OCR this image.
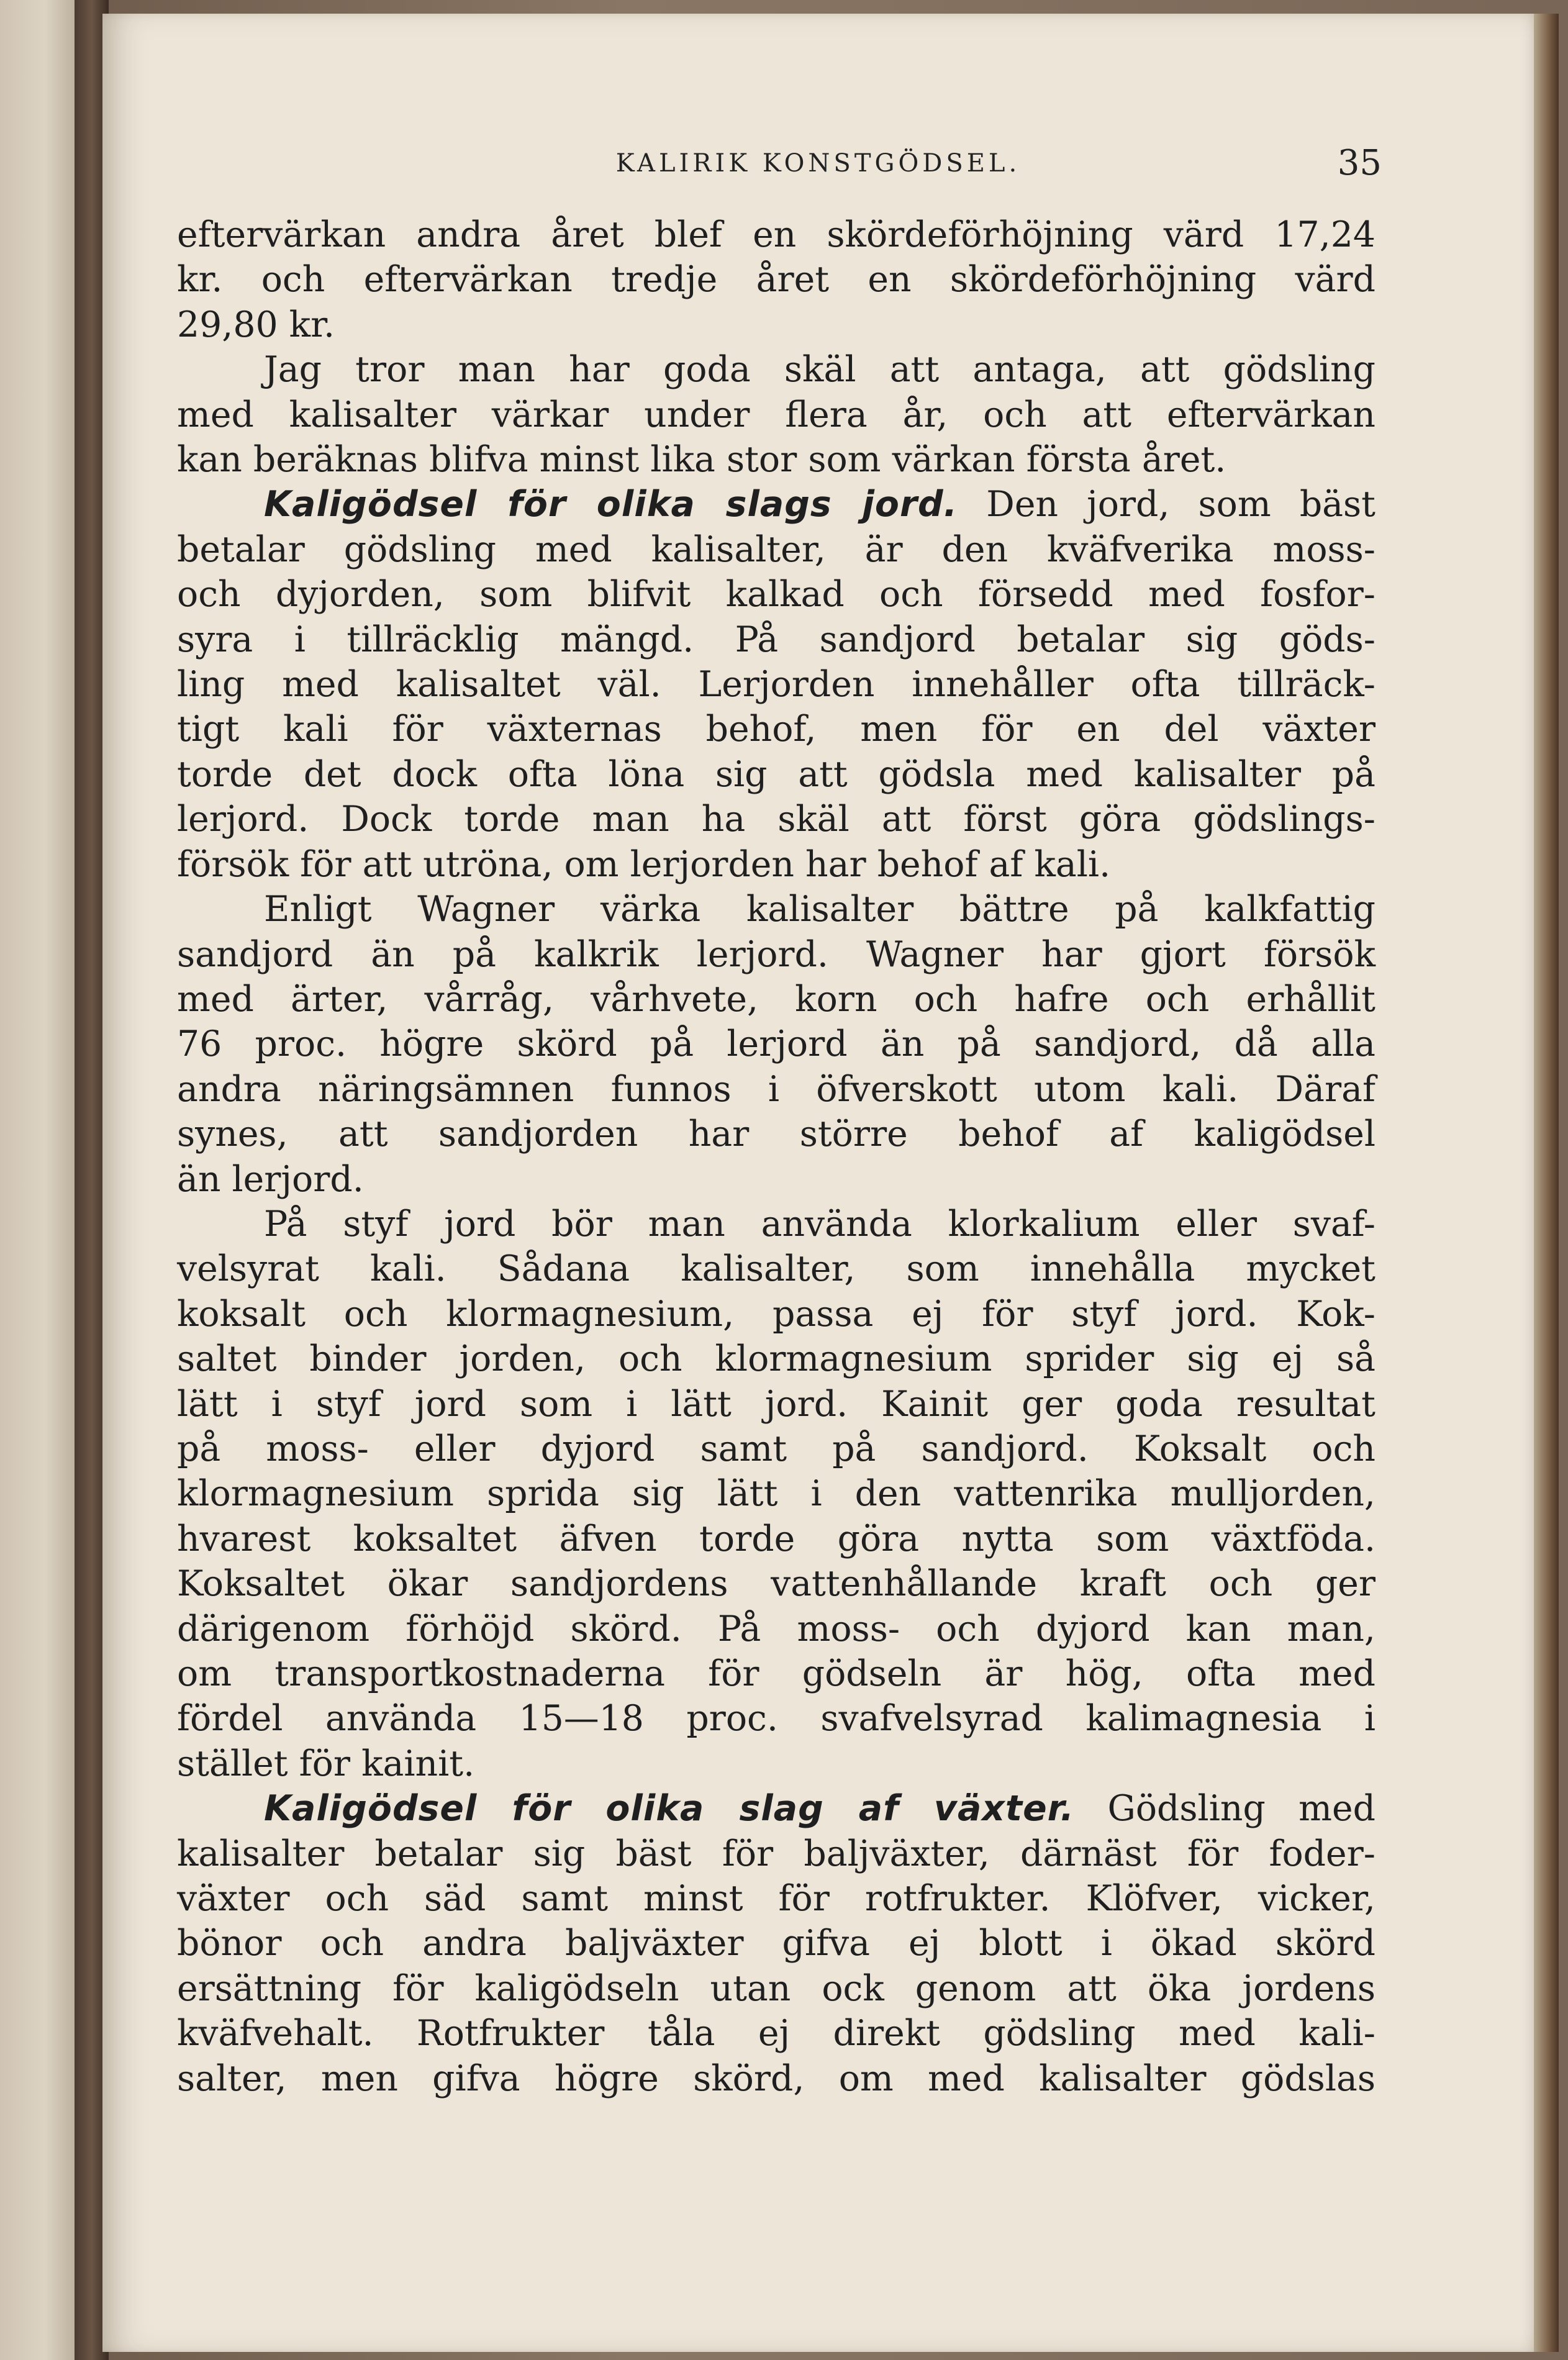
KALIRIK KONSTGÖDSEL.	35
eftervärkan andra året blef en skördeförhöjning värd 17,24
kr. och eftervärkan tredje året en skördeförhöjning värd
29,80 kr.
Jag tror man har goda skäl att antaga, att gödsling
med kalisalter värkar under flera år, och att eftervärkan
kan beräknas blifva minst lika stor som värkan första året.
Kaligödsel för olika slags jord. Den jord, som bäst
betalar gödsling med kalisalter, är den kväfverika moss-
och dyjorden, som blifvit kalkad och försedd med fosfor-
syra i tillräcklig mängd. På sandjord betalar sig göds-
ling med kalisaltet väl. Lerjorden innehåller ofta tillräck-
tigt kali för växternas behof, men för en del växter
torde det dock ofta löna sig att gödsla med kalisalter på
lerjord. Dock torde man ha skäl att först göra gödslings-
försök för att utröna, om lerjorden har behof af kali.
Enligt Wagner värka kalisalter bättre på kalkfattig
sandjord än på kalkrik lerjord. Wagner har gjort försök
med ärter, vårråg, vårhvete, korn och hafre och erhållit
76 proc. högre skörd på lerjord än på sandjord, då alla
andra näringsämnen funnos i öfverskott utom kali. Däraf
synes, att sandjorden har större behof af kaligödsel
än lerjord.
På styf jord bör man använda klorkalium eller svaf-
velsyrat kali. Sådana kalisalter, som innehålla mycket
koksalt och klormagnesium, passa ej för styf jord. Kok-
saltet binder jorden, och klormagnesium sprider sig ej så
lätt i styf jord som i lätt jord. Kainit ger goda resultat
på moss- eller dyjord samt på sandjord. Koksalt och
klormagnesium sprida sig lätt i den vattenrika mulljorden,
hvarest koksaltet äfven torde göra nytta som växtföda.
Koksaltet ökar sandjordens vattenhållande kraft och ger
därigenom förhöjd skörd. På moss- och dyjord kan man,
om transportkostnaderna för gödseln är hög, ofta med
fördel använda 15—18 proc. svafvelsyrad kalimagnesia i
stället för kainit.
Kaligödsel för olika slag af växter. Gödsling med
kalisalter betalar sig bäst för baljväxter, därnäst för foder-
växter och säd samt minst för rotfrukter. Klöfver, vicker,
bönor och andra baljväxter gifva ej blott i ökad skörd
ersättning för kaligödseln utan ock genom att öka jordens
kväfvehalt. Rotfrukter tåla ej direkt gödsling med kali-
salter, men gifva högre skörd, om med kalisalter gödslas
